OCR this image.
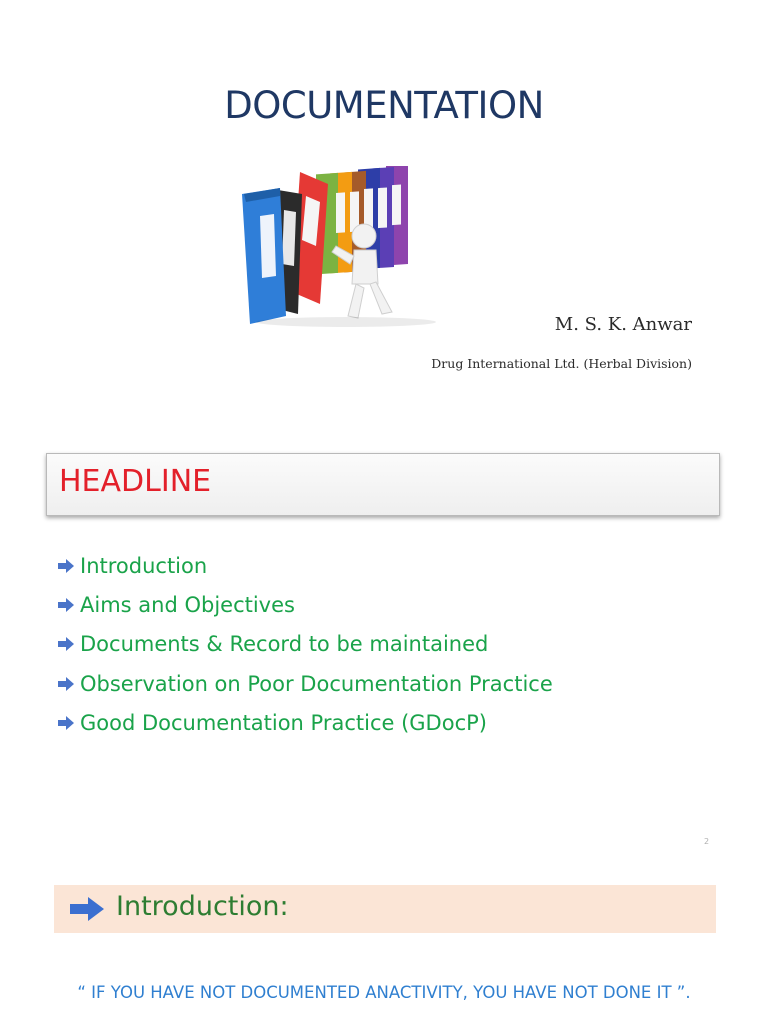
DOCUMENTATION
M. S. K. Anwar
Drug International Ltd. (Herbal Division)
HEADLINE
Introduction
Aims and Objectives
Documents & Record to be maintained
Observation on Poor Documentation Practice
Good Documentation Practice (GDocP)
2
Introduction:
“ IF YOU HAVE NOT DOCUMENTED ANACTIVITY, YOU HAVE NOT DONE IT ”.
